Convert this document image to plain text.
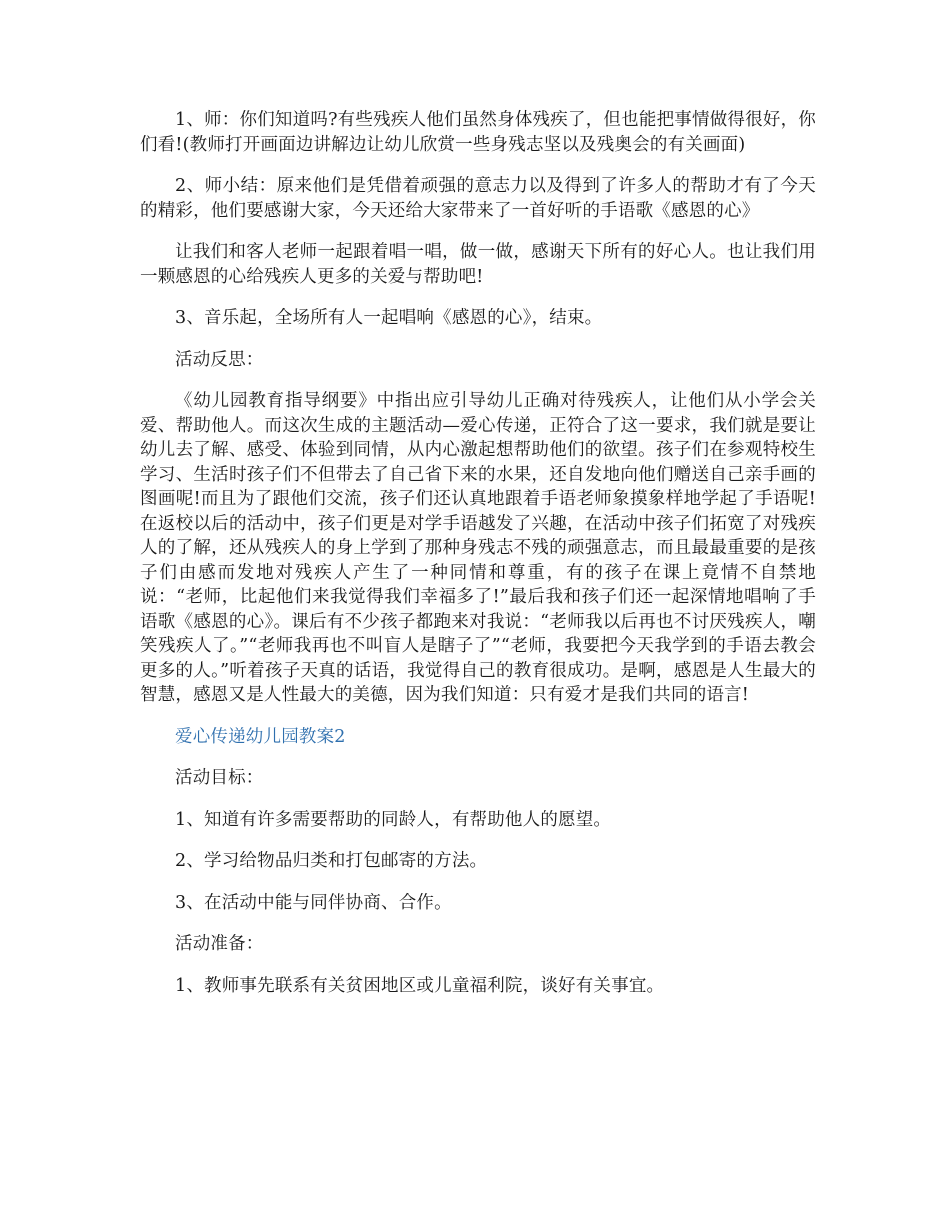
1、师：你们知道吗?有些残疾人他们虽然身体残疾了，但也能把事情做得很好，你们看!(教师打开画面边讲解边让幼儿欣赏一些身残志坚以及残奥会的有关画面)

2、师小结：原来他们是凭借着顽强的意志力以及得到了许多人的帮助才有了今天的精彩，他们要感谢大家，今天还给大家带来了一首好听的手语歌《感恩的心》

让我们和客人老师一起跟着唱一唱，做一做，感谢天下所有的好心人。也让我们用一颗感恩的心给残疾人更多的关爱与帮助吧!

3、音乐起，全场所有人一起唱响《感恩的心》，结束。

活动反思：

《幼儿园教育指导纲要》中指出应引导幼儿正确对待残疾人，让他们从小学会关爱、帮助他人。而这次生成的主题活动—爱心传递，正符合了这一要求，我们就是要让幼儿去了解、感受、体验到同情，从内心激起想帮助他们的欲望。孩子们在参观特校生学习、生活时孩子们不但带去了自己省下来的水果，还自发地向他们赠送自己亲手画的图画呢!而且为了跟他们交流，孩子们还认真地跟着手语老师象摸象样地学起了手语呢!在返校以后的活动中，孩子们更是对学手语越发了兴趣，在活动中孩子们拓宽了对残疾人的了解，还从残疾人的身上学到了那种身残志不残的顽强意志，而且最最重要的是孩子们由感而发地对残疾人产生了一种同情和尊重，有的孩子在课上竟情不自禁地说：“老师，比起他们来我觉得我们幸福多了!”最后我和孩子们还一起深情地唱响了手语歌《感恩的心》。课后有不少孩子都跑来对我说：“老师我以后再也不讨厌残疾人，嘲笑残疾人了。”“老师我再也不叫盲人是瞎子了”“老师，我要把今天我学到的手语去教会更多的人。”听着孩子天真的话语，我觉得自己的教育很成功。是啊，感恩是人生最大的智慧，感恩又是人性最大的美德，因为我们知道：只有爱才是我们共同的语言!

爱心传递幼儿园教案2

活动目标：

1、知道有许多需要帮助的同龄人，有帮助他人的愿望。

2、学习给物品归类和打包邮寄的方法。

3、在活动中能与同伴协商、合作。

活动准备：

1、教师事先联系有关贫困地区或儿童福利院，谈好有关事宜。
